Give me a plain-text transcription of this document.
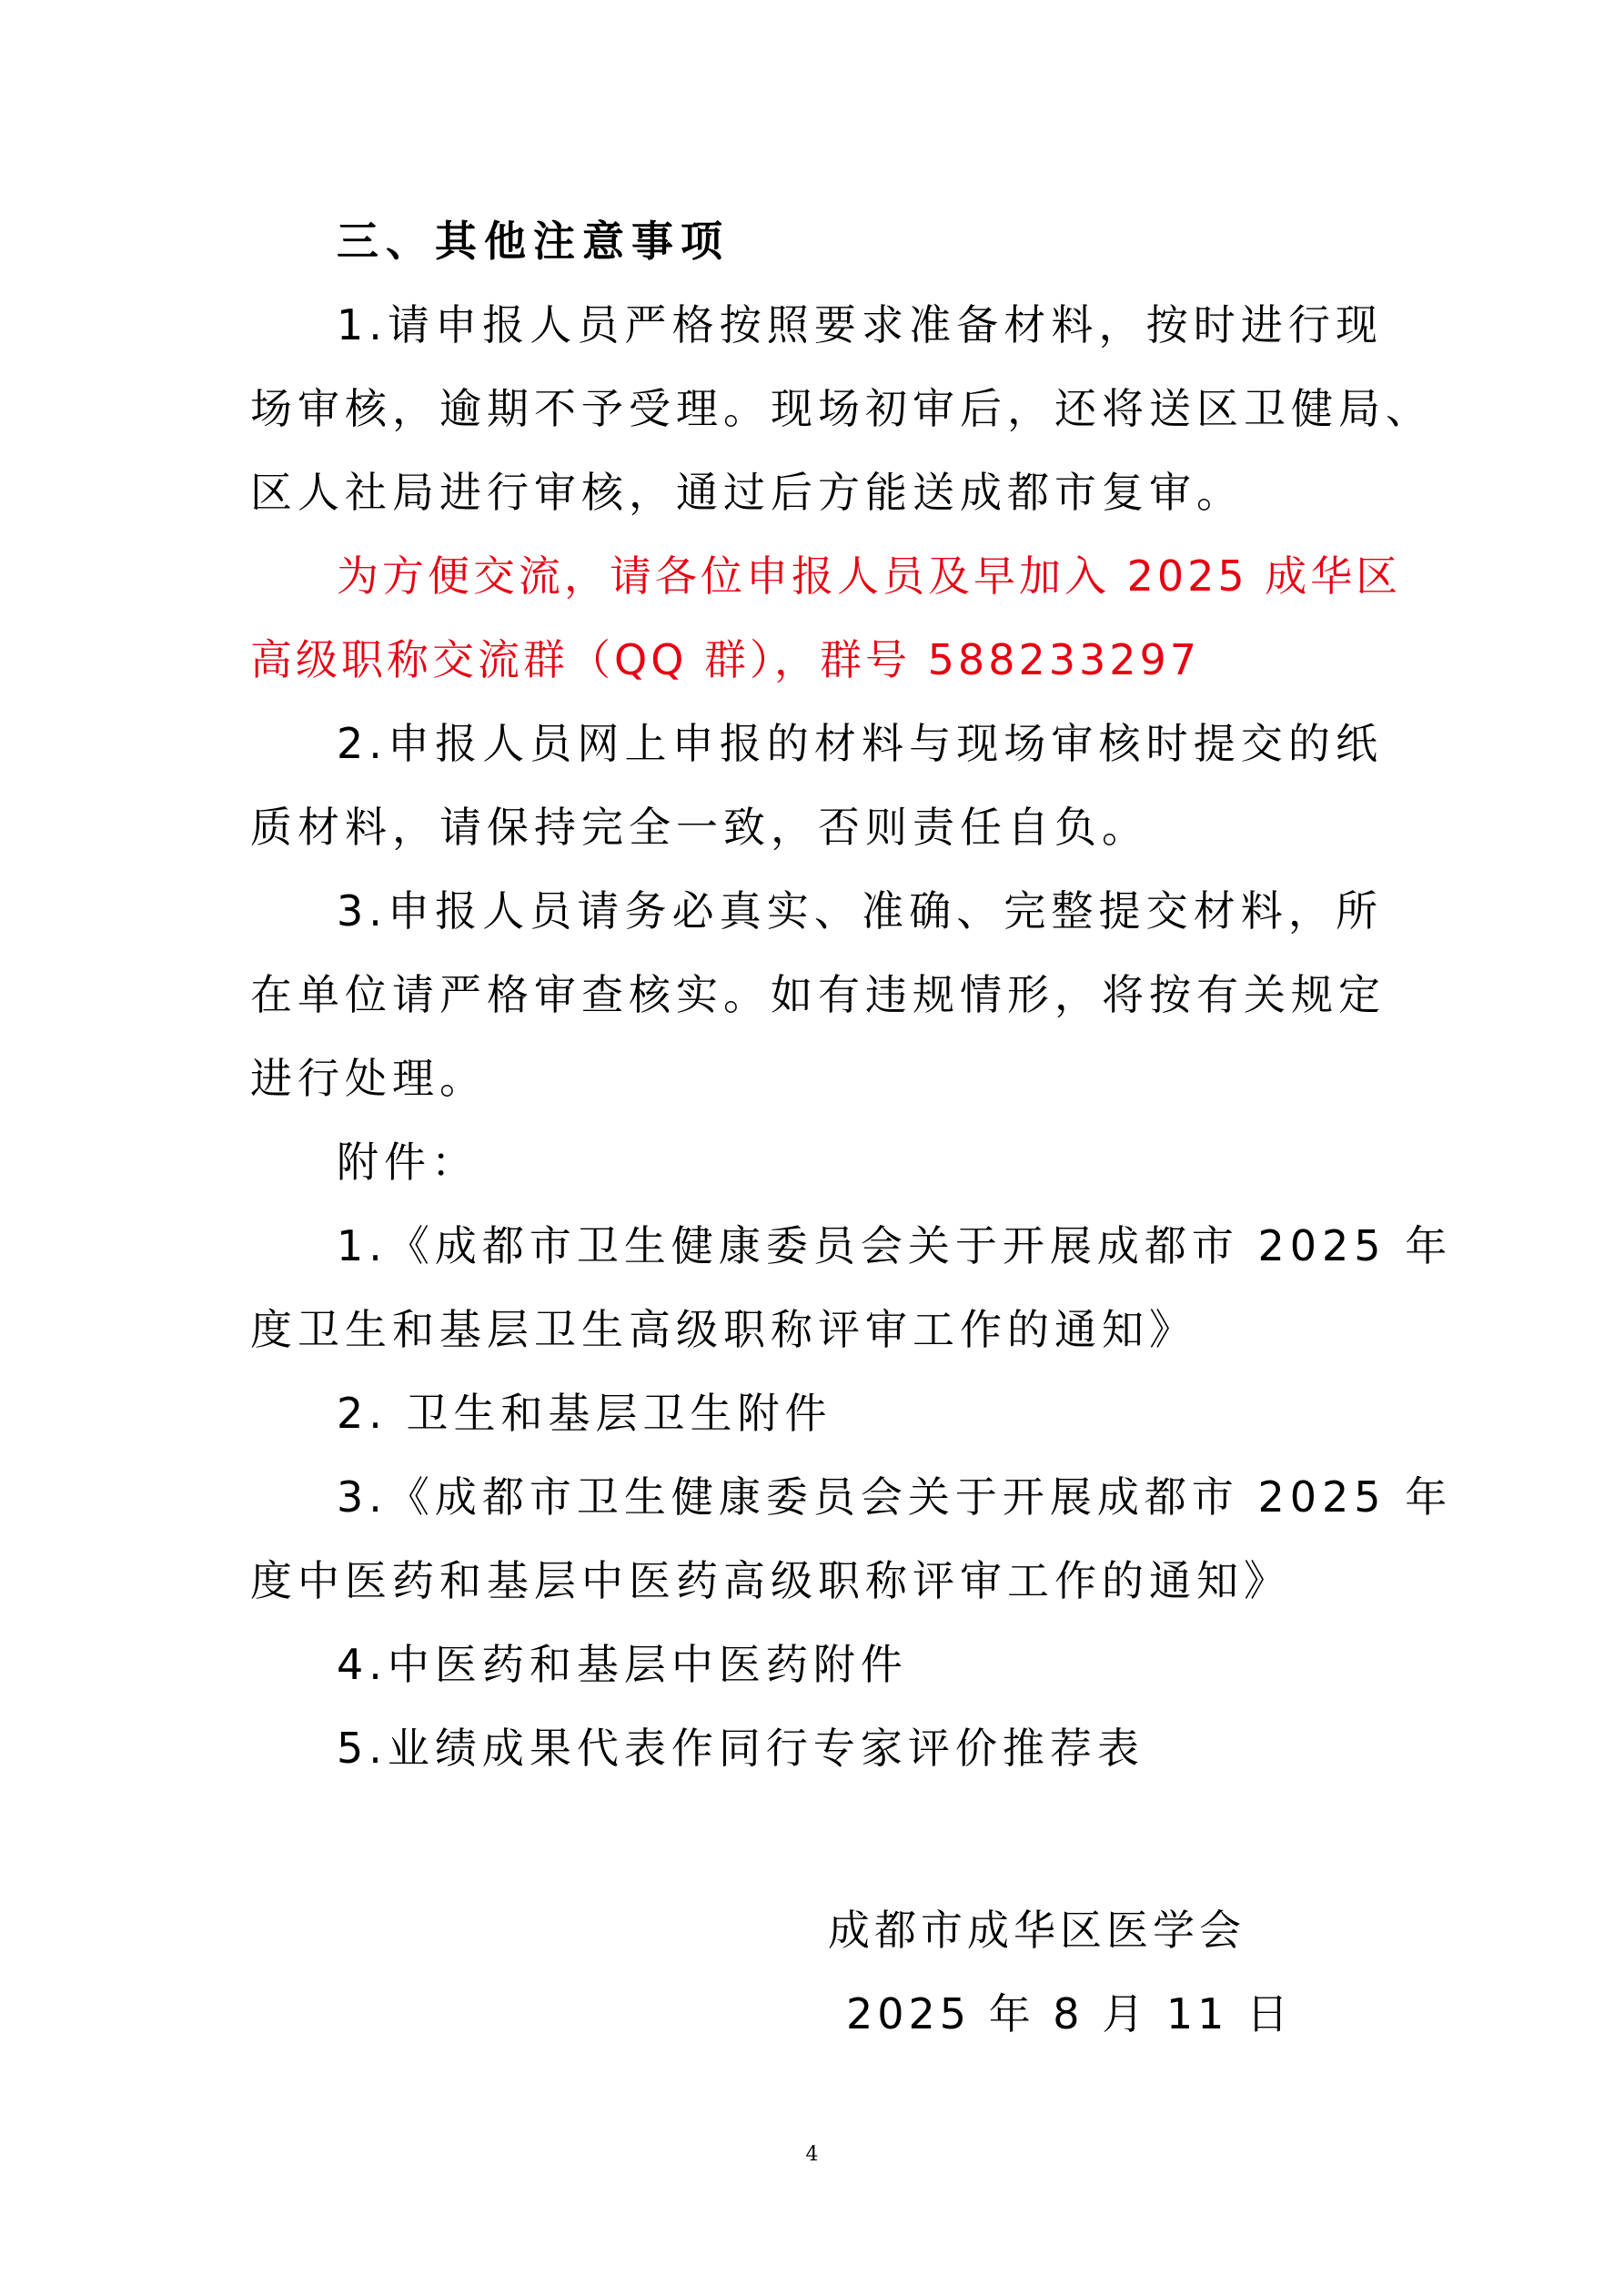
三、其他注意事项
1.请申报人员严格按照要求准备材料，按时进行现
场审核，逾期不予受理。现场初审后，还将送区卫健局、
区人社局进行审核，通过后方能送成都市复审。
为方便交流，请各位申报人员及早加入 2025 成华区
高级职称交流群（QQ 群），群号 588233297
2.申报人员网上申报的材料与现场审核时提交的纸
质材料，请保持完全一致，否则责任自负。
3.申报人员请务必真实、准确、完整提交材料，所
在单位请严格审查核实。如有违规情形，将按有关规定
进行处理。
附件：
1.《成都市卫生健康委员会关于开展成都市 2025 年
度卫生和基层卫生高级职称评审工作的通知》
2. 卫生和基层卫生附件
3.《成都市卫生健康委员会关于开展成都市 2025 年
度中医药和基层中医药高级职称评审工作的通知》
4.中医药和基层中医药附件
5.业绩成果代表作同行专家评价推荐表
成都市成华区医学会
2025 年 8 月 11 日
4
